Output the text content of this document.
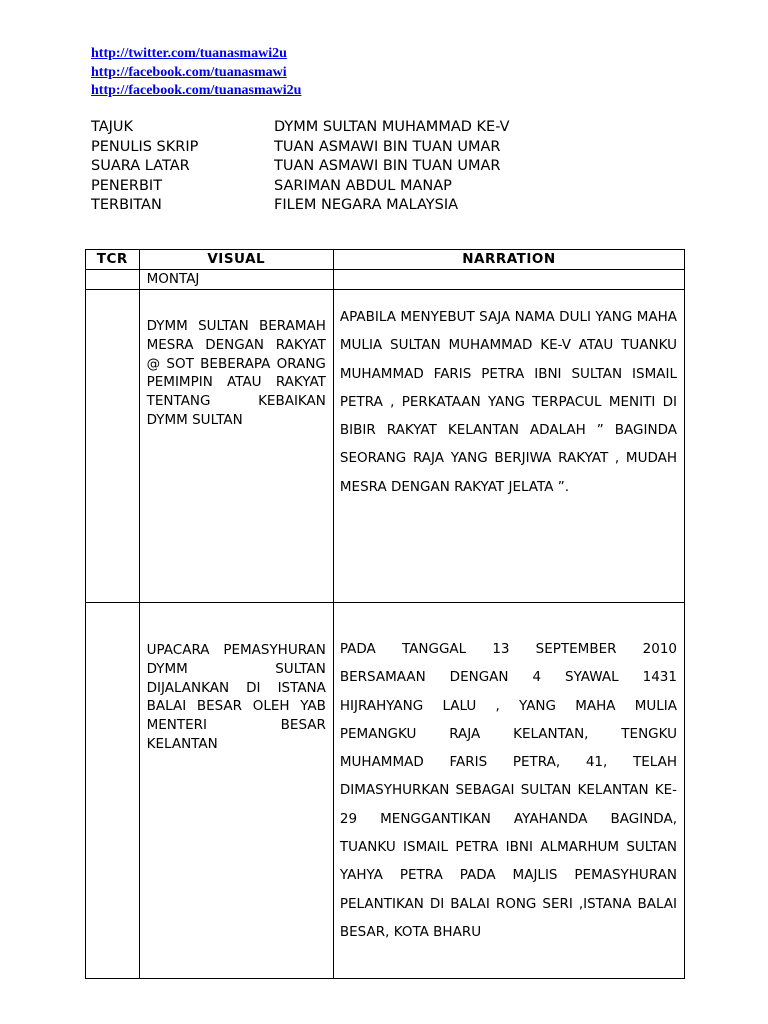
http://twitter.com/tuanasmawi2u
http://facebook.com/tuanasmawi
http://facebook.com/tuanasmawi2u
TAJUK	DYMM SULTAN MUHAMMAD KE-V
PENULIS SKRIP	TUAN ASMAWI BIN TUAN UMAR
SUARA LATAR	TUAN ASMAWI BIN TUAN UMAR
PENERBIT	SARIMAN ABDUL MANAP
TERBITAN	FILEM NEGARA MALAYSIA
TCR	VISUAL	NARRATION

	MONTAJ	

	DYMM SULTAN BERAMAH MESRA DENGAN RAKYAT @ SOT BEBERAPA ORANG PEMIMPIN ATAU RAKYAT TENTANG KEBAIKAN DYMM SULTAN	APABILA MENYEBUT SAJA NAMA DULI YANG MAHA MULIA SULTAN MUHAMMAD KE-V ATAU TUANKU MUHAMMAD FARIS PETRA IBNI SULTAN ISMAIL PETRA , PERKATAAN YANG TERPACUL MENITI DI BIBIR RAKYAT KELANTAN ADALAH ” BAGINDA SEORANG RAJA YANG BERJIWA RAKYAT , MUDAH MESRA DENGAN RAKYAT JELATA ”.

	UPACARA PEMASYHURAN DYMM SULTAN DIJALANKAN DI ISTANA BALAI BESAR OLEH YAB MENTERI BESAR KELANTAN	PADA TANGGAL 13 SEPTEMBER 2010 BERSAMAAN DENGAN 4 SYAWAL 1431 HIJRAHYANG LALU , YANG MAHA MULIA PEMANGKU RAJA KELANTAN, TENGKU MUHAMMAD FARIS PETRA, 41, TELAH DIMASYHURKAN SEBAGAI SULTAN KELANTAN KE-29 MENGGANTIKAN AYAHANDA BAGINDA, TUANKU ISMAIL PETRA IBNI ALMARHUM SULTAN YAHYA PETRA PADA MAJLIS PEMASYHURAN PELANTIKAN DI BALAI RONG SERI ,ISTANA BALAI BESAR, KOTA BHARU
